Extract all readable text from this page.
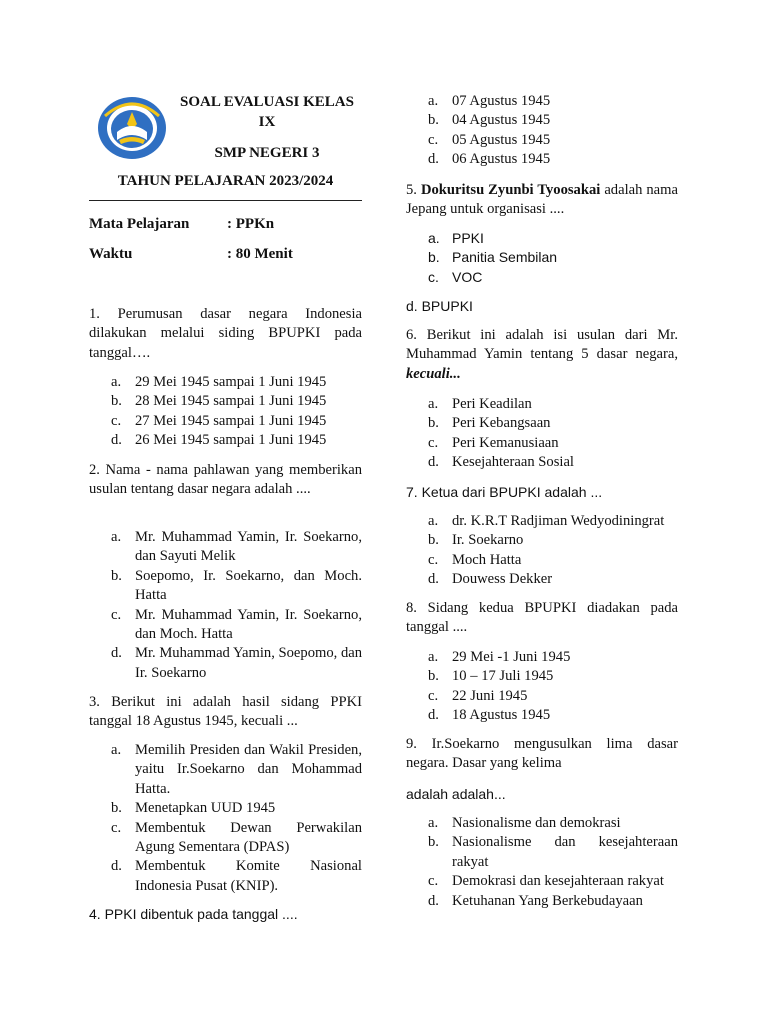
SOAL EVALUASI KELAS
IX
SMP NEGERI 3
TAHUN PELAJARAN 2023/2024
Mata Pelajaran	: PPKn
Waktu	: 80 Menit
1. Perumusan dasar negara Indonesia dilakukan melalui siding BPUPKI pada tanggal….
a. 29 Mei 1945 sampai 1 Juni 1945
b. 28 Mei 1945 sampai 1 Juni 1945
c. 27 Mei 1945 sampai 1 Juni 1945
d. 26 Mei 1945 sampai 1 Juni 1945
2. Nama - nama pahlawan yang memberikan usulan tentang dasar negara adalah ....
a. Mr. Muhammad Yamin, Ir. Soekarno, dan Sayuti Melik
b. Soepomo, Ir. Soekarno, dan Moch. Hatta
c. Mr. Muhammad Yamin, Ir. Soekarno, dan Moch. Hatta
d. Mr. Muhammad Yamin, Soepomo, dan Ir. Soekarno
3. Berikut ini adalah hasil sidang PPKI tanggal 18 Agustus 1945, kecuali ...
a. Memilih Presiden dan Wakil Presiden, yaitu Ir.Soekarno dan Mohammad Hatta.
b. Menetapkan UUD 1945
c. Membentuk Dewan Perwakilan Agung Sementara (DPAS)
d. Membentuk Komite Nasional Indonesia Pusat (KNIP).
4. PPKI dibentuk pada tanggal ....
a. 07 Agustus 1945
b. 04 Agustus 1945
c. 05 Agustus 1945
d. 06 Agustus 1945
5. Dokuritsu Zyunbi Tyoosakai adalah nama Jepang untuk organisasi ....
a. PPKI
b. Panitia Sembilan
c. VOC
d. BPUPKI
6. Berikut ini adalah isi usulan dari Mr. Muhammad Yamin tentang 5 dasar negara, kecuali...
a. Peri Keadilan
b. Peri Kebangsaan
c. Peri Kemanusiaan
d. Kesejahteraan Sosial
7. Ketua dari BPUPKI adalah ...
a. dr. K.R.T Radjiman Wedyodiningrat
b. Ir. Soekarno
c. Moch Hatta
d. Douwess Dekker
8. Sidang kedua BPUPKI diadakan pada tanggal ....
a. 29 Mei -1 Juni 1945
b. 10 – 17 Juli 1945
c. 22 Juni 1945
d. 18 Agustus 1945
9. Ir.Soekarno mengusulkan lima dasar negara. Dasar yang kelima
adalah adalah...
a. Nasionalisme dan demokrasi
b. Nasionalisme dan kesejahteraan rakyat
c. Demokrasi dan kesejahteraan rakyat
d. Ketuhanan Yang Berkebudayaan
